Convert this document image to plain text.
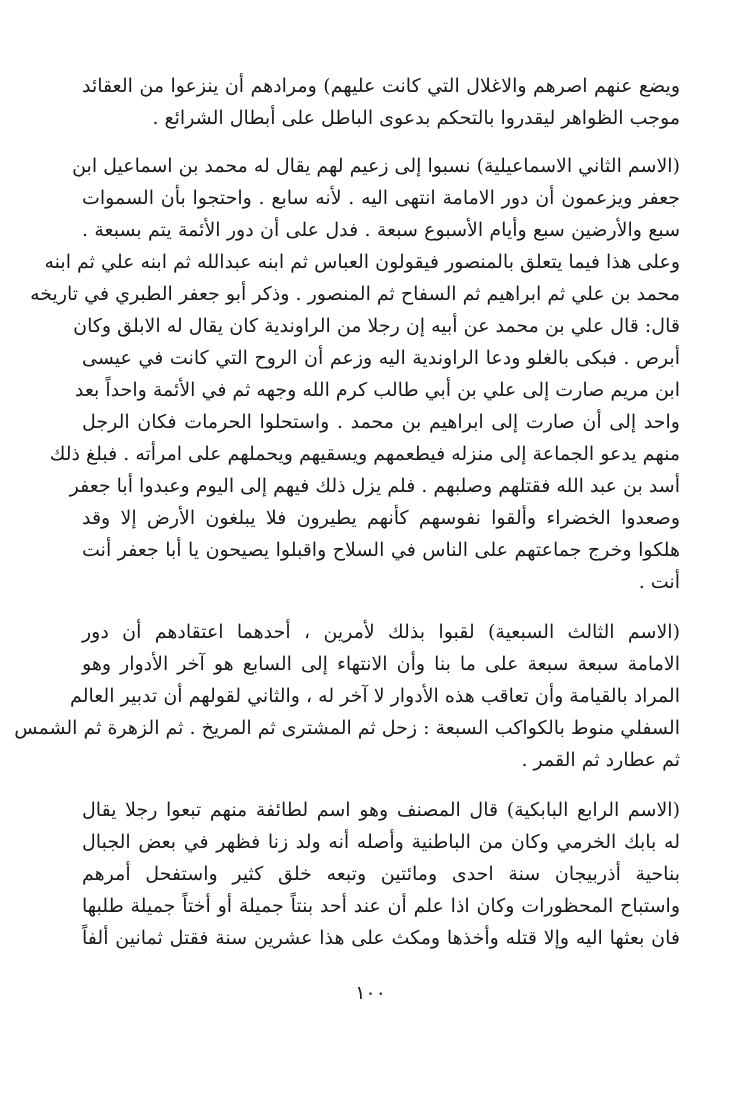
ويضع عنهم اصرهم والاغلال التي كانت عليهم) ومرادهم أن ينزعوا من العقائد
موجب الظواهر ليقدروا بالتحكم بدعوى الباطل على أبطال الشرائع .
(الاسم الثاني الاسماعيلية) نسبوا إلى زعيم لهم يقال له محمد بن اسماعيل ابن
جعفر ويزعمون أن دور الامامة انتهى اليه . لأنه سابع . واحتجوا بأن السموات
سبع والأرضين سبع وأيام الأسبوع سبعة . فدل على أن دور الأئمة يتم بسبعة .
وعلى هذا فيما يتعلق بالمنصور فيقولون العباس ثم ابنه عبدالله ثم ابنه علي ثم ابنه
محمد بن علي ثم ابراهيم ثم السفاح ثم المنصور . وذكر أبو جعفر الطبري في تاريخه
قال: قال علي بن محمد عن أبيه إن رجلا من الراوندية كان يقال له الابلق وكان
أبرص . فبكى بالغلو ودعا الراوندية اليه وزعم أن الروح التي كانت في عيسى
ابن مريم صارت إلى علي بن أبي طالب كرم الله وجهه ثم في الأئمة واحداً بعد
واحد إلى أن صارت إلى ابراهيم بن محمد . واستحلوا الحرمات فكان الرجل
منهم يدعو الجماعة إلى منزله فيطعمهم ويسقيهم ويحملهم على امرأته . فبلغ ذلك
أسد بن عبد الله فقتلهم وصلبهم . فلم يزل ذلك فيهم إلى اليوم وعبدوا أبا جعفر
وصعدوا الخضراء وألقوا نفوسهم كأنهم يطيرون فلا يبلغون الأرض إلا وقد
هلكوا وخرج جماعتهم على الناس في السلاح واقبلوا يصيحون يا أبا جعفر أنت
أنت .
(الاسم الثالث السبعية) لقبوا بذلك لأمرين ، أحدهما اعتقادهم أن دور
الامامة سبعة سبعة على ما بنا وأن الانتهاء إلى السابع هو آخر الأدوار وهو
المراد بالقيامة وأن تعاقب هذه الأدوار لا آخر له ، والثاني لقولهم أن تدبير العالم
السفلي منوط بالكواكب السبعة : زحل ثم المشترى ثم المريخ . ثم الزهرة ثم الشمس
ثم عطارد ثم القمر .
(الاسم الرابع البابكية) قال المصنف وهو اسم لطائفة منهم تبعوا رجلا يقال
له بابك الخرمي وكان من الباطنية وأصله أنه ولد زنا فظهر في بعض الجبال
بناحية أذربيجان سنة احدى ومائتين وتبعه خلق كثير واستفحل أمرهم
واستباح المحظورات وكان اذا علم أن عند أحد بنتاً جميلة أو أختاً جميلة طلبها
فان بعثها اليه وإلا قتله وأخذها ومكث على هذا عشرين سنة فقتل ثمانين ألفاً
١٠٠
